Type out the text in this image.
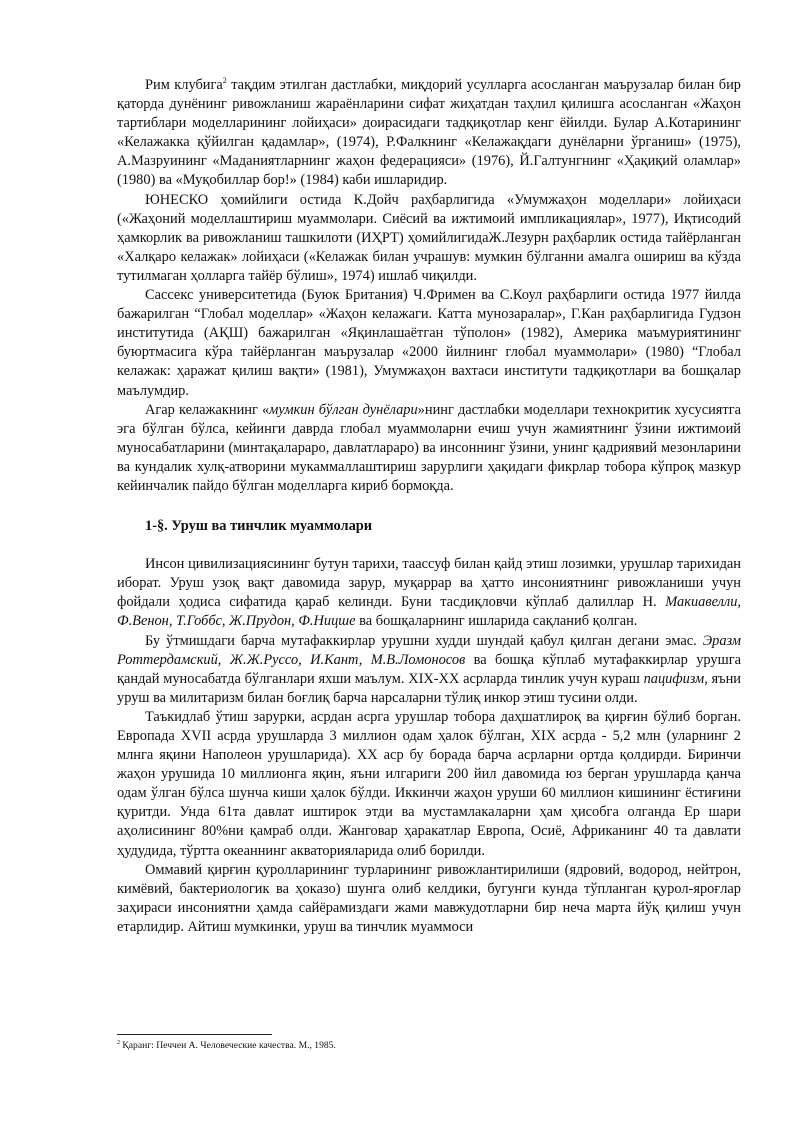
Рим клубига$^2$ тақдим этилган дастлабки, миқдорий усулларга асосланган маърузалар билан бир қаторда дунёнинг ривожланиш жараёнларини сифат жиҳатдан таҳлил қилишга асосланган «Жаҳон тартиблари моделларининг лойиҳаси» доирасидаги тадқиқотлар кенг ёйилди. Булар А.Котарининг «Келажакка қўйилган қадамлар», (1974), Р.Фалкнинг «Келажақдаги дунёларни ўрганиш» (1975), А.Мазруининг «Маданиятларнинг жаҳон федерацияси» (1976), Й.Галтунгнинг «Ҳақиқий оламлар» (1980) ва «Муқобиллар бор!» (1984) каби ишларидир.

ЮНЕСКО ҳомийлиги остида К.Дойч раҳбарлигида «Умумжаҳон моделлари» лойиҳаси («Жаҳоний моделлаштириш муаммолари. Сиёсий ва ижтимоий импликациялар», 1977), Иқтисодий ҳамкорлик ва ривожланиш ташкилоти (ИҲРТ) ҳомийлигидаЖ.Лезурн раҳбарлик остида тайёрланган «Халқаро келажак» лойиҳаси («Келажак билан учрашув: мумкин бўлганни амалга ошириш ва кўзда тутилмаган ҳолларга тайёр бўлиш», 1974) ишлаб чиқилди.

Сассекс университетида (Буюк Британия) Ч.Фримен ва С.Коул раҳбарлиги остида 1977 йилда бажарилган “Глобал моделлар» «Жаҳон келажаги. Катта мунозаралар», Г.Кан раҳбарлигида Гудзон институтида (АҚШ) бажарилган «Яқинлашаётган тўполон» (1982), Америка маъмуриятининг буюртмасига кўра тайёрланган маърузалар «2000 йилнинг глобал муаммолари» (1980) “Глобал келажак: ҳаражат қилиш вақти» (1981), Умумжаҳон вахтаси институти тадқиқотлари ва бошқалар маълумдир.

Агар келажакнинг «мумкин бўлган дунёлари»нинг дастлабки моделлари технокритик хусусиятга эга бўлган бўлса, кейинги даврда глобал муаммоларни ечиш учун жамиятнинг ўзини ижтимоий муносабатларини (минтақалараро, давлатлараро) ва инсоннинг ўзини, унинг қадриявий мезонларини ва кундалик хулқ-атворини мукаммаллаштириш зарурлиги ҳақидаги фикрлар тобора кўпроқ мазкур кейинчалик пайдо бўлган моделларга кириб бормоқда.

1-§. Уруш ва тинчлик муаммолари

Инсон цивилизациясининг бутун тарихи, таассуф билан қайд этиш лозимки, урушлар тарихидан иборат. Уруш узоқ вақт давомида зарур, муқаррар ва ҳатто инсониятнинг ривожланиши учун фойдали ҳодиса сифатида қараб келинди. Буни тасдиқловчи кўплаб далиллар Н. Макиавелли, Ф.Венон, Т.Гоббс, Ж.Прудон, Ф.Ницше ва бошқаларнинг ишларида сақланиб қолган.

Бу ўтмишдаги барча мутафаккирлар урушни худди шундай қабул қилган дегани эмас. Эразм Роттердамский, Ж.Ж.Руссо, И.Кант, М.В.Ломоносов ва бошқа кўплаб мутафаккирлар урушга қандай муносабатда бўлганлари яхши маълум. XIX-XX асрларда тинлик учун кураш пацифизм, яъни уруш ва милитаризм билан боғлиқ барча нарсаларни тўлиқ инкор этиш тусини олди.

Таъкидлаб ўтиш зарурки, асрдан асрга урушлар тобора даҳшатлироқ ва қирғин бўлиб борган. Европада XVII асрда урушларда 3 миллион одам ҳалок бўлган, XIX асрда - 5,2 млн (уларнинг 2 млнга яқини Наполеон урушларида). XX аср бу борада барча асрларни ортда қолдирди. Биринчи жаҳон урушида 10 миллионга яқин, яъни илгариги 200 йил давомида юз берган урушларда қанча одам ўлган бўлса шунча киши ҳалок бўлди. Иккинчи жаҳон уруши 60 миллион кишининг ёстиғини қуритди. Унда 61та давлат иштирок этди ва мустамлакаларни ҳам ҳисобга олганда Ер шари аҳолисининг 80%ни қамраб олди. Жанговар ҳаракатлар Европа, Осиё, Африканинг 40 та давлати ҳудудида, тўртта океаннинг акваторияларида олиб борилди.

Оммавий қирғин қуролларининг турларининг ривожлантирилиши (ядровий, водород, нейтрон, кимёвий, бактериологик ва ҳоказо) шунга олиб келдики, бугунги кунда тўпланган қурол-яроғлар заҳираси инсониятни ҳамда сайёрамиздаги жами мавжудотларни бир неча марта йўқ қилиш учун етарлидир. Айтиш мумкинки, уруш ва тинчлик муаммоси

$^2$ Қаранг: Печчеи А. Человеческие качества. М., 1985.
